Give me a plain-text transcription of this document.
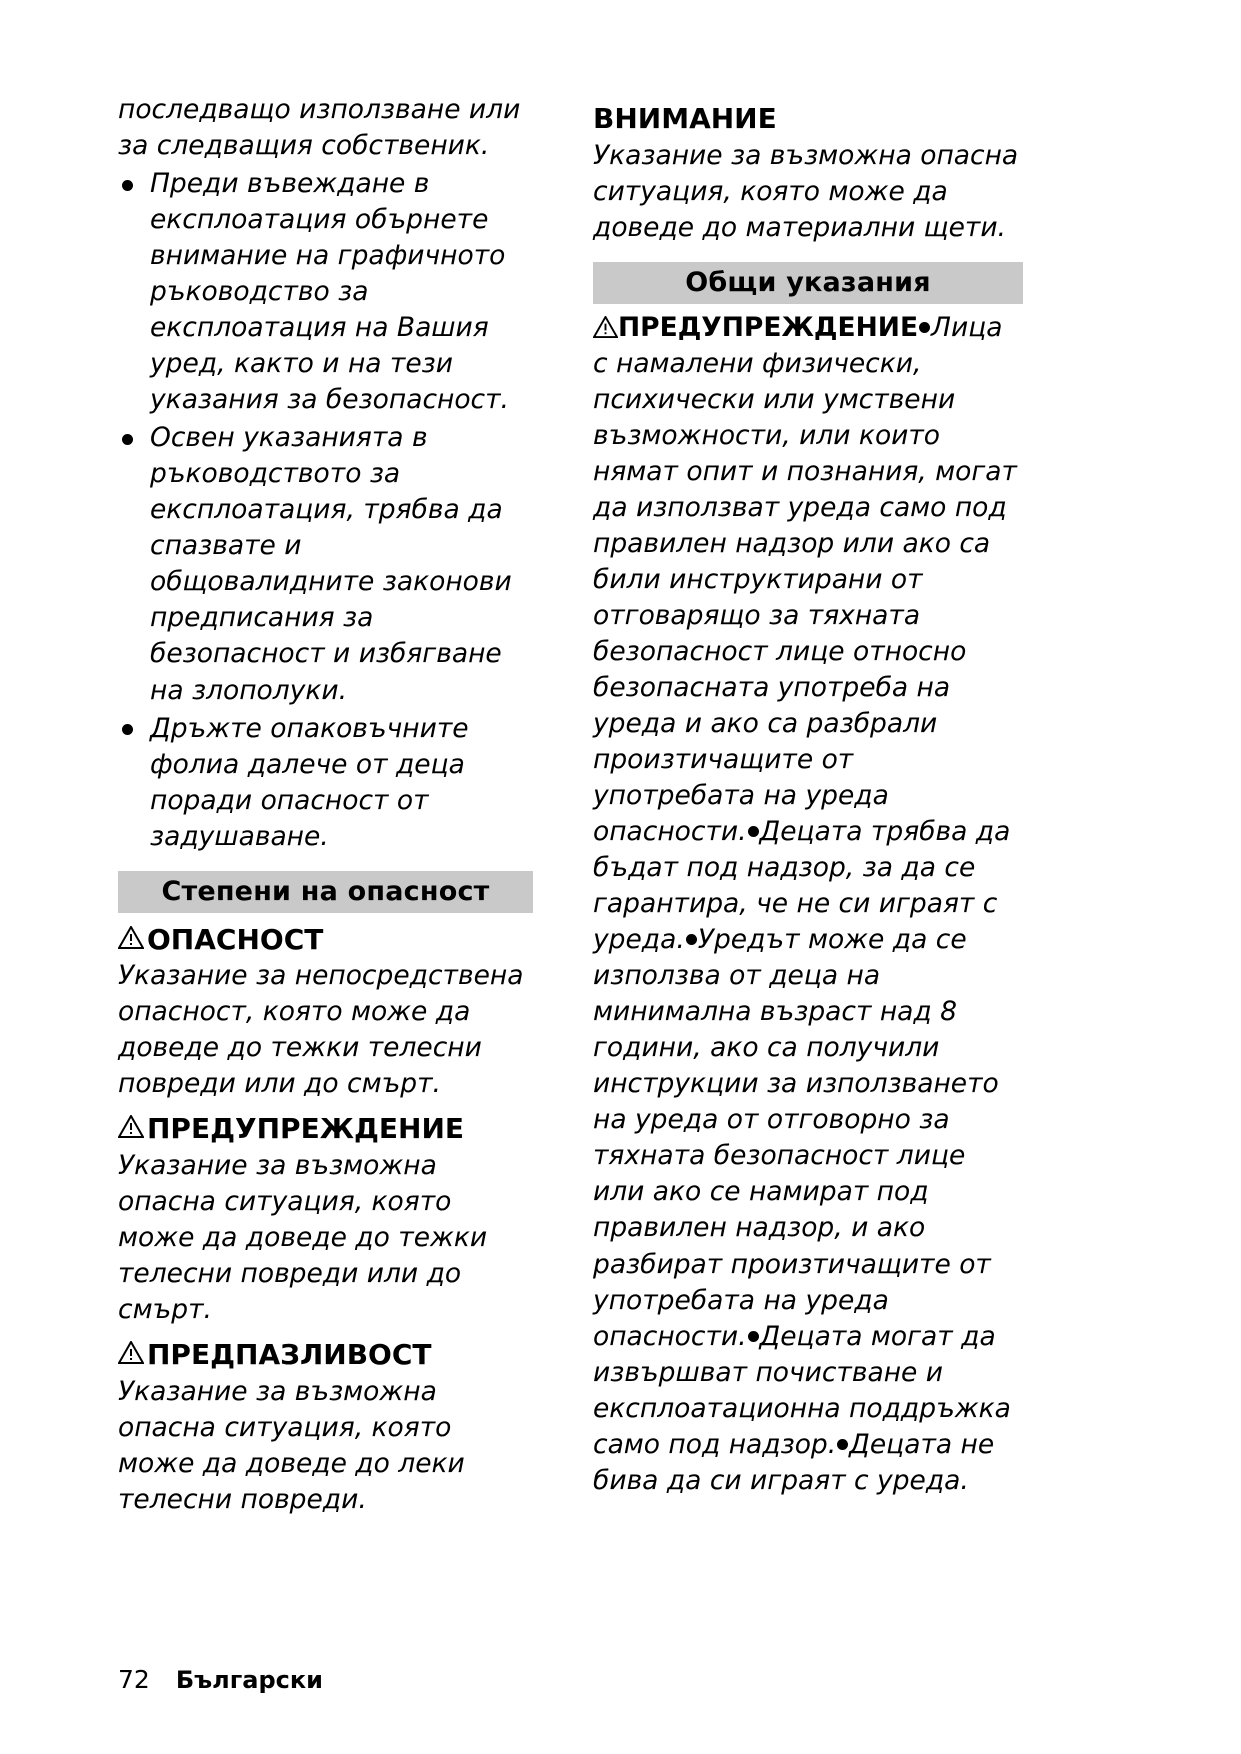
последващо използване или за следващия собственик.

Преди въвеждане в експлоатация обърнете внимание на графичното ръководство за експлоатация на Вашия уред, както и на тези указания за безопасност.
Освен указанията в ръководството за експлоатация, трябва да спазвате и общовалидните законови предписания за безопасност и избягване на злополуки.
Дръжте опаковъчните фолиа далече от деца поради опасност от задушаване.
Степени на опасност
ОПАСНОСТ

Указание за непосредствена опасност, която може да доведе до тежки телесни повреди или до смърт.

ПРЕДУПРЕЖДЕНИЕ

Указание за възможна опасна ситуация, която може да доведе до тежки телесни повреди или до смърт.

ПРЕДПАЗЛИВОСТ

Указание за възможна опасна ситуация, която може да доведе до леки телесни повреди.

ВНИМАНИЕ

Указание за възможна опасна ситуация, която може да доведе до материални щети.

Общи указания
ПРЕДУПРЕЖДЕНИЕ Лица с намалени физически, психически или умствени възможности, или които нямат опит и познания, могат да използват уреда само под правилен надзор или ако са били инструктирани от отговарящо за тяхната безопасност лице относно безопасната употреба на уреда и ако са разбрали произтичащите от употребата на уреда опасности. Децата трябва да бъдат под надзор, за да се гарантира, че не си играят с уреда. Уредът може да се използва от деца на минимална възраст над 8 години, ако са получили инструкции за използването на уреда от отговорно за тяхната безопасност лице или ако се намират под правилен надзор, и ако разбират произтичащите от употребата на уреда опасности. Децата могат да извършват почистване и експлоатационна поддръжка само под надзор. Децата не бива да си играят с уреда.
72 Български
